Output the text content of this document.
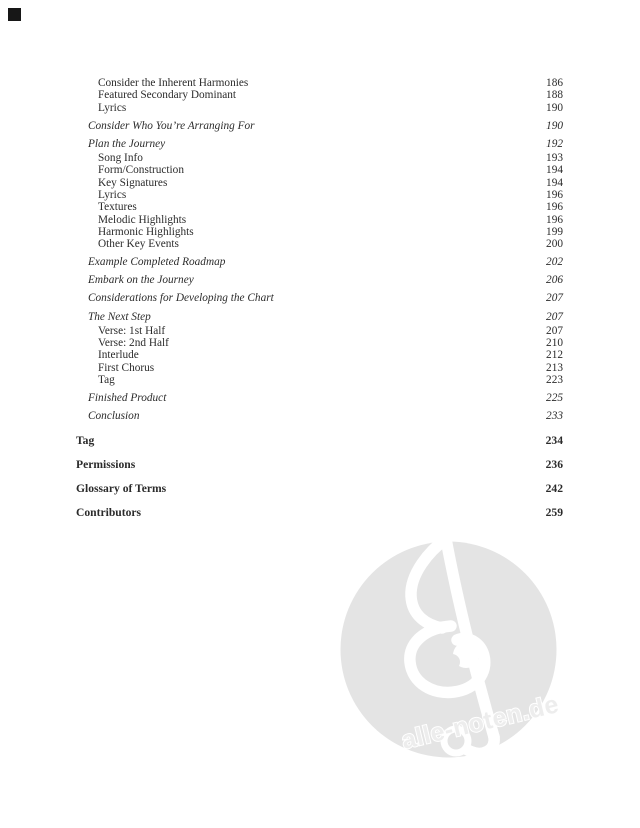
alle-noten.de
Consider the Inherent Harmonies	186
Featured Secondary Dominant	188
Lyrics	190
Consider Who You’re Arranging For	190
Plan the Journey	192
Song Info	193
Form/Construction	194
Key Signatures	194
Lyrics	196
Textures	196
Melodic Highlights	196
Harmonic Highlights	199
Other Key Events	200
Example Completed Roadmap	202
Embark on the Journey	206
Considerations for Developing the Chart	207
The Next Step	207
Verse: 1st Half	207
Verse: 2nd Half	210
Interlude	212
First Chorus	213
Tag	223
Finished Product	225
Conclusion	233
Tag	234
Permissions	236
Glossary of Terms	242
Contributors	259
